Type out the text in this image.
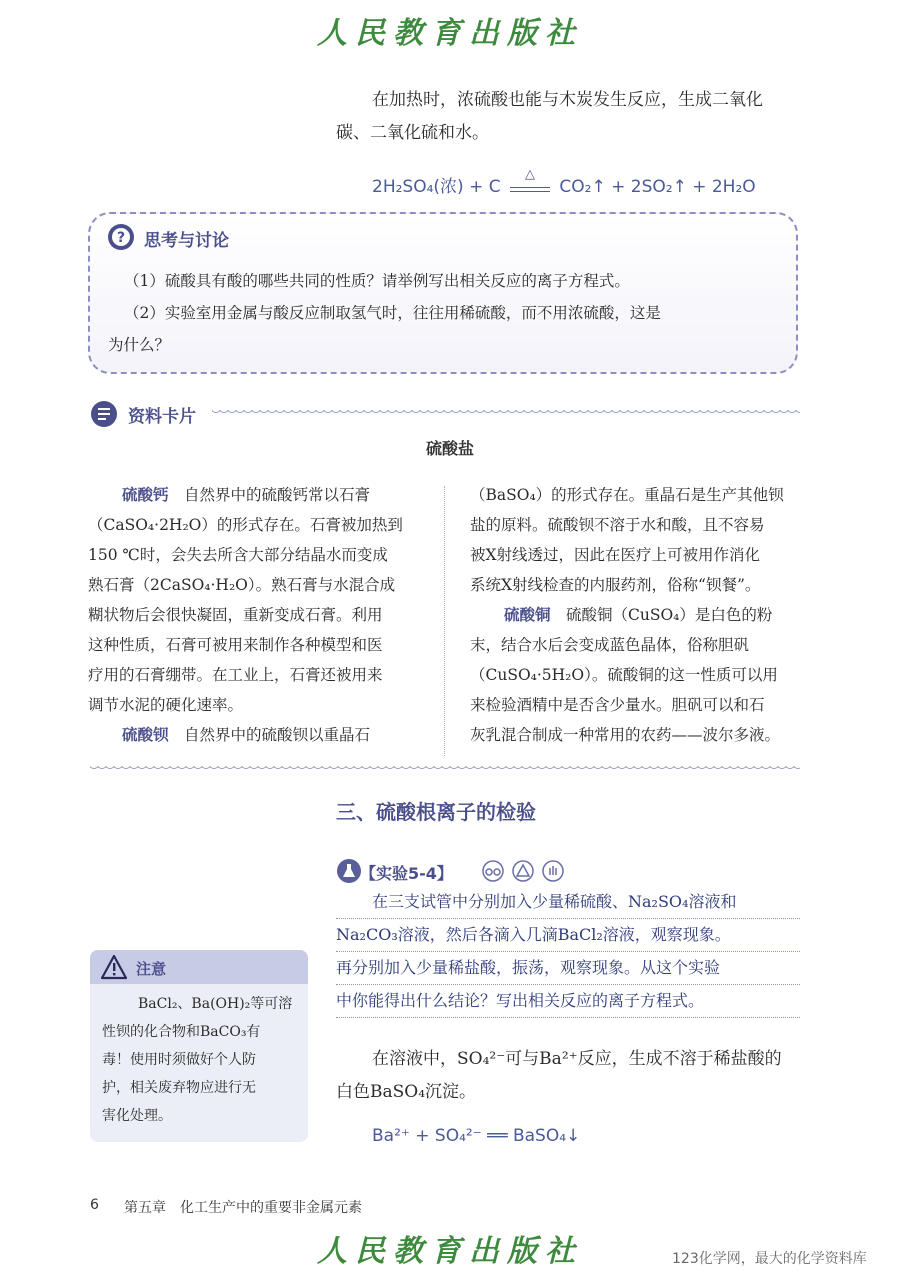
人民教育出版社
在加热时，浓硫酸也能与木炭发生反应，生成二氧化
碳、二氧化硫和水。
2H₂SO₄(浓) + C
△
CO₂↑ + 2SO₂↑ + 2H₂O
? 思考与讨论
（1）硫酸具有酸的哪些共同的性质？请举例写出相关反应的离子方程式。
（2）实验室用金属与酸反应制取氢气时，往往用稀硫酸，而不用浓硫酸，这是
为什么？
资料卡片
硫酸盐
硫酸钙　自然界中的硫酸钙常以石膏
（CaSO₄·2H₂O）的形式存在。石膏被加热到
150 ℃时，会失去所含大部分结晶水而变成
熟石膏（2CaSO₄·H₂O）。熟石膏与水混合成
糊状物后会很快凝固，重新变成石膏。利用
这种性质，石膏可被用来制作各种模型和医
疗用的石膏绷带。在工业上，石膏还被用来
调节水泥的硬化速率。
硫酸钡　自然界中的硫酸钡以重晶石
（BaSO₄）的形式存在。重晶石是生产其他钡
盐的原料。硫酸钡不溶于水和酸，且不容易
被X射线透过，因此在医疗上可被用作消化
系统X射线检查的内服药剂，俗称“钡餐”。
硫酸铜　硫酸铜（CuSO₄）是白色的粉
末，结合水后会变成蓝色晶体，俗称胆矾
（CuSO₄·5H₂O）。硫酸铜的这一性质可以用
来检验酒精中是否含少量水。胆矾可以和石
灰乳混合制成一种常用的农药——波尔多液。
三、硫酸根离子的检验
【实验5-4】
在三支试管中分别加入少量稀硫酸、Na₂SO₄溶液和
Na₂CO₃溶液，然后各滴入几滴BaCl₂溶液，观察现象。
再分别加入少量稀盐酸，振荡，观察现象。从这个实验
中你能得出什么结论？写出相关反应的离子方程式。
注意
BaCl₂、Ba(OH)₂等可溶
性钡的化合物和BaCO₃有
毒！使用时须做好个人防
护，相关废弃物应进行无
害化处理。
在溶液中，SO₄²⁻可与Ba²⁺反应，生成不溶于稀盐酸的
白色BaSO₄沉淀。
Ba²⁺ + SO₄²⁻ ══ BaSO₄↓
6 第五章　化工生产中的重要非金属元素
人民教育出版社	123化学网，最大的化学资料库
